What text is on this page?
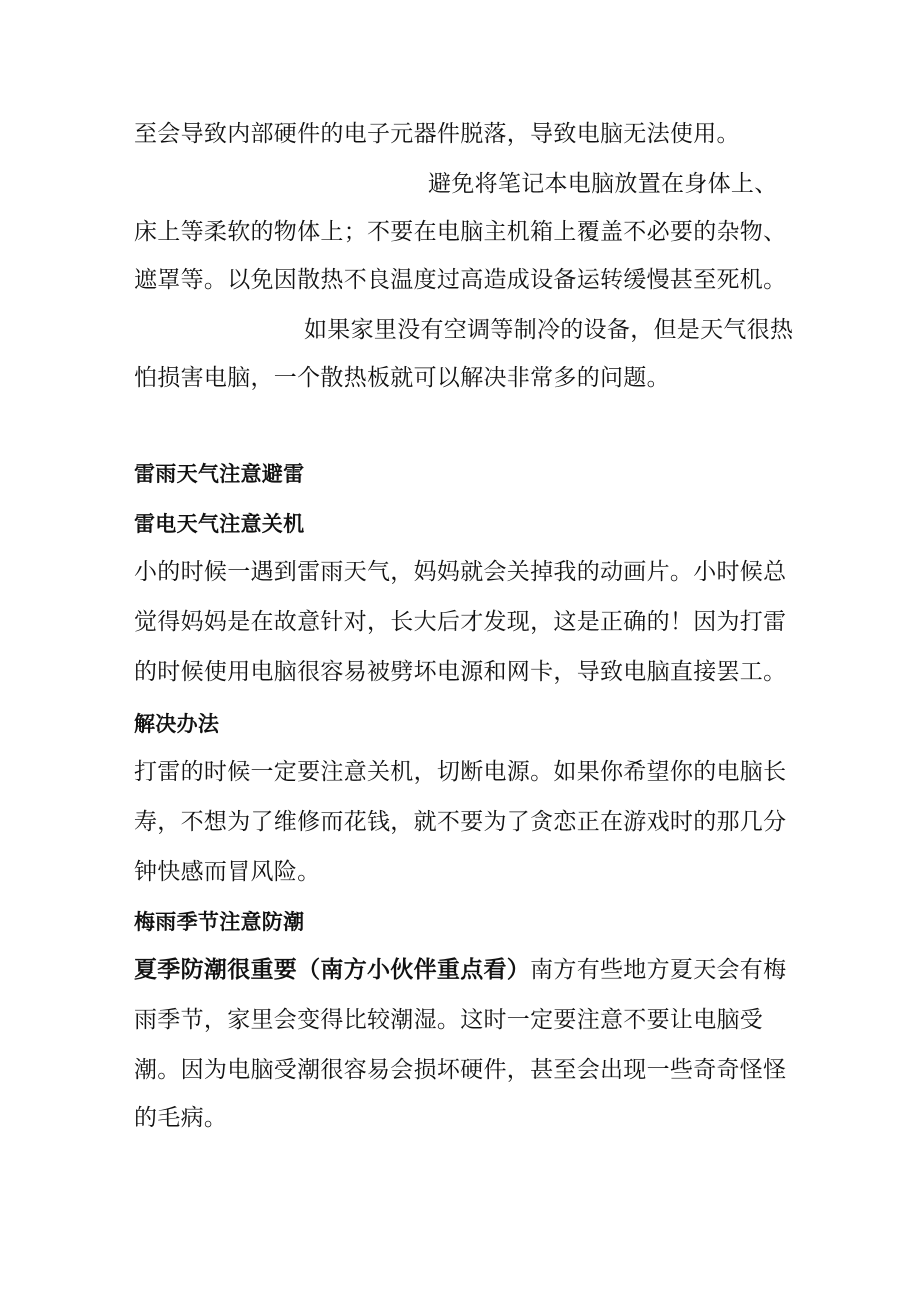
至会导致内部硬件的电子元器件脱落，导致电脑无法使用。
避免将笔记本电脑放置在身体上、
床上等柔软的物体上；不要在电脑主机箱上覆盖不必要的杂物、
遮罩等。以免因散热不良温度过高造成设备运转缓慢甚至死机。
如果家里没有空调等制冷的设备，但是天气很热
怕损害电脑，一个散热板就可以解决非常多的问题。
雷雨天气注意避雷
雷电天气注意关机
小的时候一遇到雷雨天气，妈妈就会关掉我的动画片。小时候总
觉得妈妈是在故意针对，长大后才发现，这是正确的！因为打雷
的时候使用电脑很容易被劈坏电源和网卡，导致电脑直接罢工。
解决办法
打雷的时候一定要注意关机，切断电源。如果你希望你的电脑长
寿，不想为了维修而花钱，就不要为了贪恋正在游戏时的那几分
钟快感而冒风险。
梅雨季节注意防潮
夏季防潮很重要（南方小伙伴重点看）南方有些地方夏天会有梅
雨季节，家里会变得比较潮湿。这时一定要注意不要让电脑受
潮。因为电脑受潮很容易会损坏硬件，甚至会出现一些奇奇怪怪
的毛病。
